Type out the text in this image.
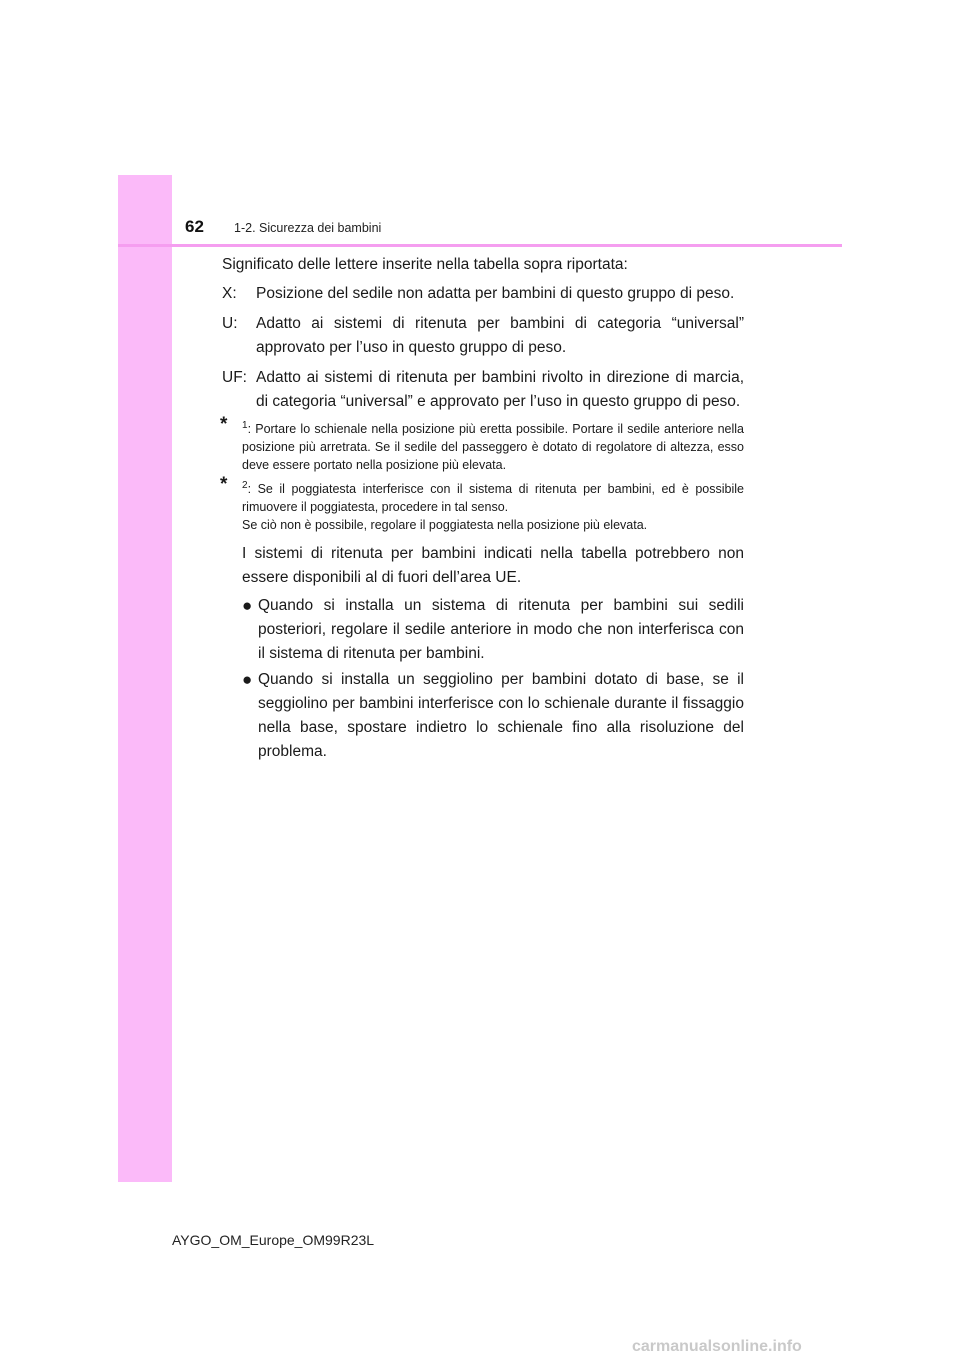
62 1-2. Sicurezza dei bambini

Significato delle lettere inserite nella tabella sopra riportata:

X:	Posizione del sedile non adatta per bambini di questo gruppo di peso.
U:	Adatto ai sistemi di ritenuta per bambini di categoria “universal” approvato per l’uso in questo gruppo di peso.
UF: Adatto ai sistemi di ritenuta per bambini rivolto in direzione di marcia, di categoria “universal” e approvato per l’uso in questo gruppo di peso.
* $^1$: Portare lo schienale nella posizione più eretta possibile. Portare il sedile anteriore nella posizione più arretrata. Se il sedile del passeggero è dotato di regolatore di altezza, esso deve essere portato nella posizione più elevata.
* $^2$: Se il poggiatesta interferisce con il sistema di ritenuta per bambini, ed è possibile rimuovere il poggiatesta, procedere in tal senso.
Se ciò non è possibile, regolare il poggiatesta nella posizione più elevata.

I sistemi di ritenuta per bambini indicati nella tabella potrebbero non essere disponibili al di fuori dell’area UE.

● Quando si installa un sistema di ritenuta per bambini sui sedili posteriori, regolare il sedile anteriore in modo che non interferisca con il sistema di ritenuta per bambini.
● Quando si installa un seggiolino per bambini dotato di base, se il seggiolino per bambini interferisce con lo schienale durante il fissaggio nella base, spostare indietro lo schienale fino alla risoluzione del problema.
AYGO_OM_Europe_OM99R23L
carmanualsonline.info
